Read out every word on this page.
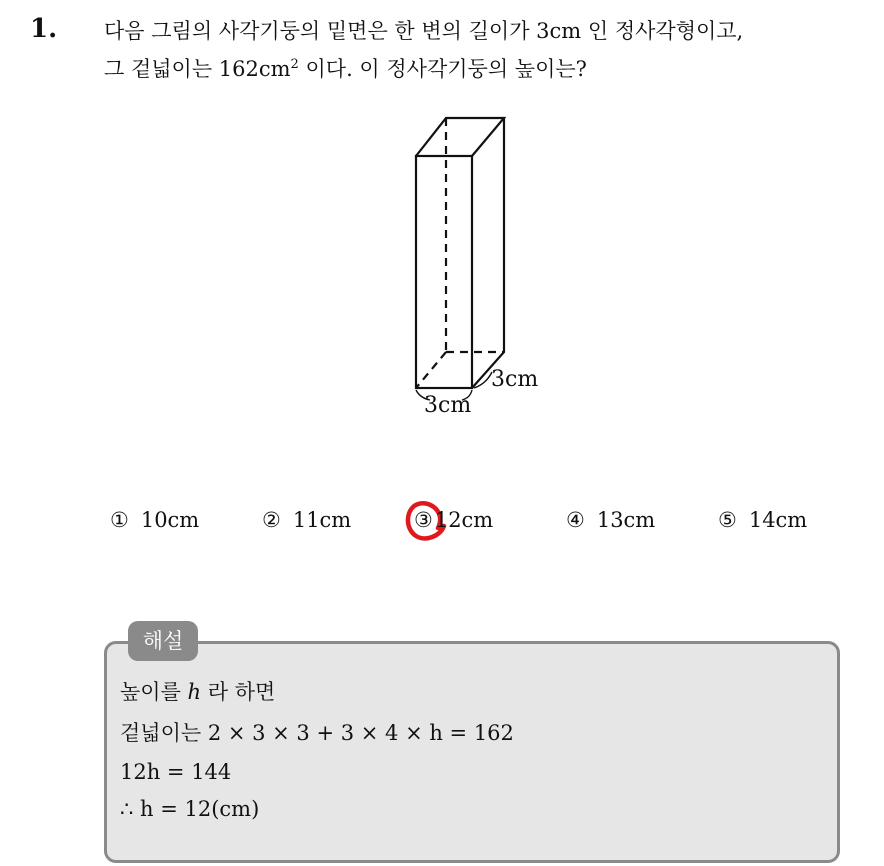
1. 다음 그림의 사각기둥의 밑면은 한 변의 길이가 3cm 인 정사각형이고,
그 겉넓이는 $162cm^2$ 이다. 이 정사각기둥의 높이는?
3cm
3cm
① 10cm	② 11cm	③12cm	④ 13cm	⑤ 14cm
해설
높이를 h 라 하면
겉넓이는 2 × 3 × 3 + 3 × 4 × h = 162
12h = 144
∴ h = 12(cm)
